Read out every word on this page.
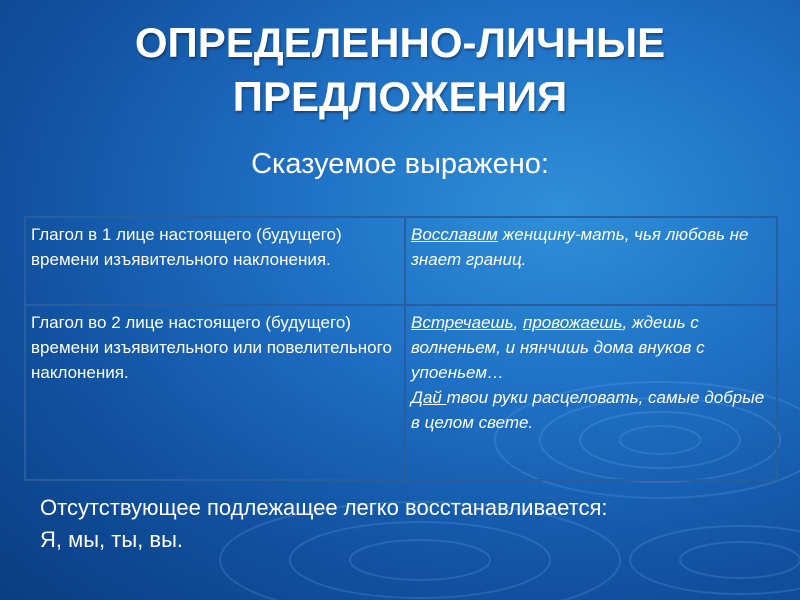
ОПРЕДЕЛЕННО-ЛИЧНЫЕ
ПРЕДЛОЖЕНИЯ
Сказуемое выражено:
Глагол в 1 лице настоящего (будущего) времени изъявительного наклонения.	Восславим женщину-мать, чья любовь не знает границ.
Глагол во 2 лице настоящего (будущего) времени изъявительного или повелительного наклонения.	Встречаешь, провожаешь, ждешь с волненьем, и нянчишь дома внуков с упоеньем…
Дай твои руки расцеловать, самые добрые в целом свете.
Отсутствующее подлежащее легко восстанавливается:
Я, мы, ты, вы.
